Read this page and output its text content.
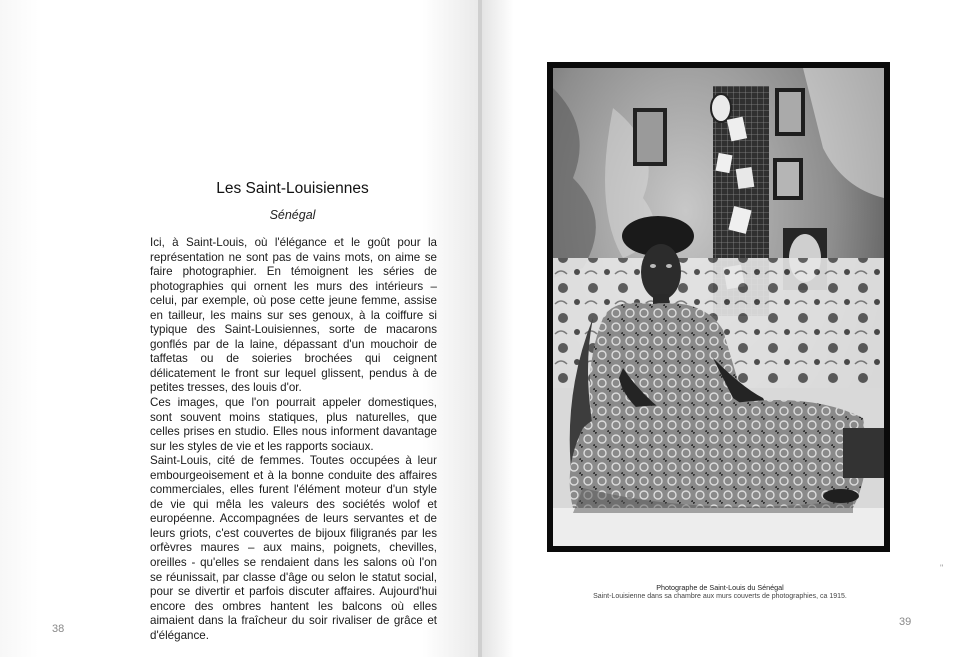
Les Saint-Louisiennes
Sénégal

Ici, à Saint-Louis, où l'élégance et le goût pour la représentation ne sont pas de vains mots, on aime se faire photographier. En témoignent les séries de photographies qui ornent les murs des intérieurs – celui, par exemple, où pose cette jeune femme, assise en tailleur, les mains sur ses genoux, à la coiffure si typique des Saint-Louisiennes, sorte de macarons gonflés par de la laine, dépassant d'un mouchoir de taffetas ou de soieries brochées qui ceignent délicatement le front sur lequel glissent, pendus à de petites tresses, des louis d'or.

Ces images, que l'on pourrait appeler domestiques, sont souvent moins statiques, plus naturelles, que celles prises en studio. Elles nous informent davantage sur les styles de vie et les rapports sociaux.

Saint-Louis, cité de femmes. Toutes occupées à leur embourgeoisement et à la bonne conduite des affaires commerciales, elles furent l'élément moteur d'un style de vie qui mêla les valeurs des sociétés wolof et européenne. Accompagnées de leurs servantes et de leurs griots, c'est couvertes de bijoux filigranés par les orfèvres maures – aux mains, poignets, chevilles, oreilles - qu'elles se rendaient dans les salons où l'on se réunissait, par classe d'âge ou selon le statut social, pour se divertir et parfois discuter affaires. Aujourd'hui encore des ombres hantent les balcons où elles aimaient dans la fraîcheur du soir rivaliser de grâce et d'élégance.

38
39
Photographe de Saint-Louis du Sénégal
Saint-Louisienne dans sa chambre aux murs couverts de photographies, ca 1915.
"
